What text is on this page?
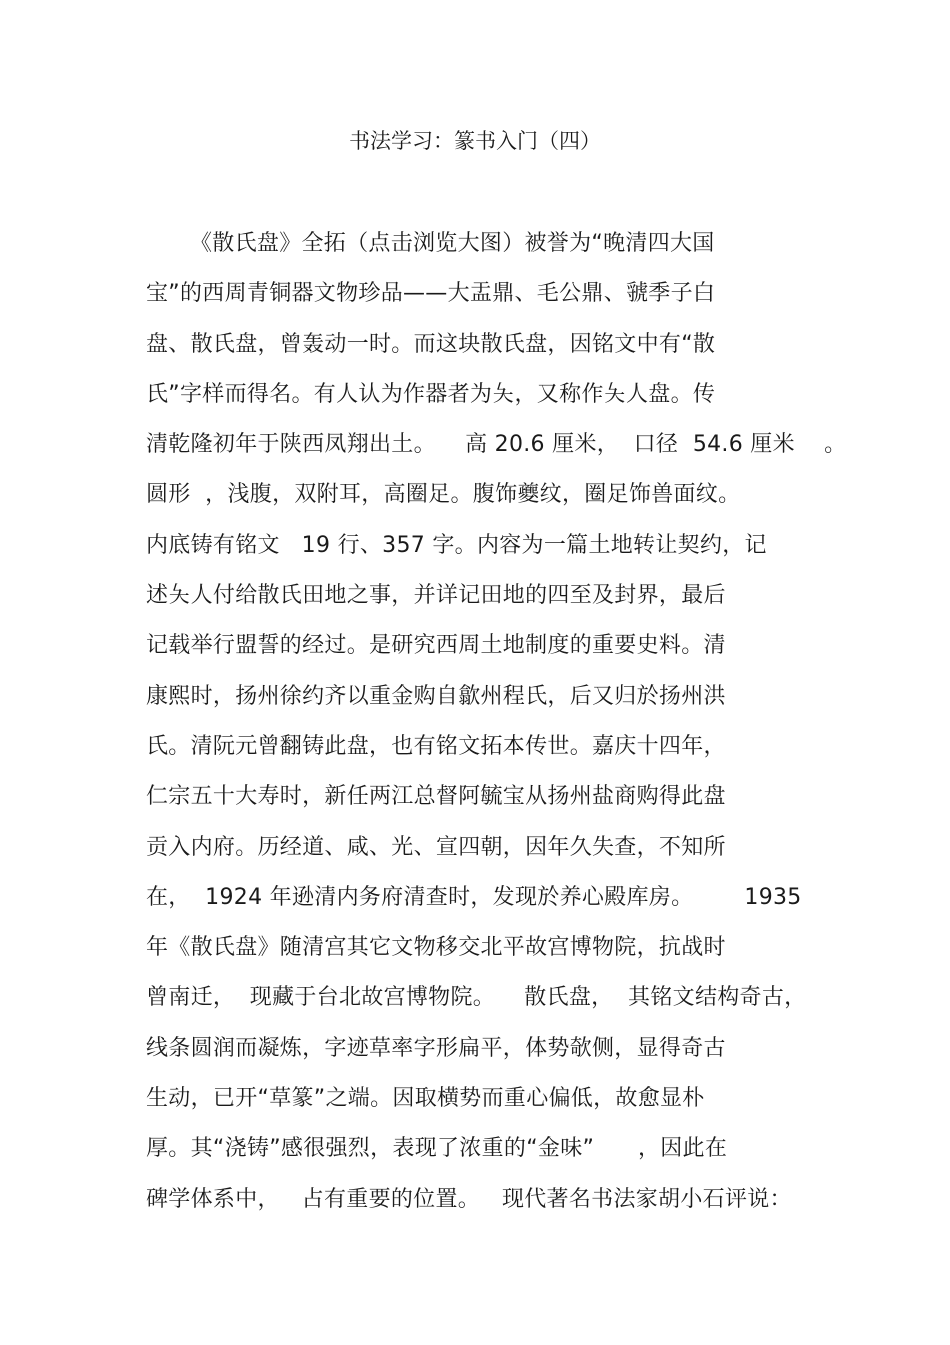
书法学习：篆书入门（四）
《散氏盘》全拓（点击浏览大图）被誉为“晚清四大国
宝”的西周青铜器文物珍品——大盂鼎、毛公鼎、虢季子白
盘、散氏盘，曾轰动一时。而这块散氏盘，因铭文中有“散
氏”字样而得名。有人认为作器者为夨，又称作夨人盘。传
清乾隆初年于陕西凤翔出土。    高 20.6 厘米，  口径  54.6 厘米    。
圆形  ，浅腹，双附耳，高圈足。腹饰夔纹，圈足饰兽面纹。
内底铸有铭文   19 行、357 字。内容为一篇土地转让契约，记
述夨人付给散氏田地之事，并详记田地的四至及封界，最后
记载举行盟誓的经过。是研究西周土地制度的重要史料。清
康熙时，扬州徐约齐以重金购自歙州程氏，后又归於扬州洪
氏。清阮元曾翻铸此盘，也有铭文拓本传世。嘉庆十四年，
仁宗五十大寿时，新任两江总督阿毓宝从扬州盐商购得此盘
贡入内府。历经道、咸、光、宣四朝，因年久失查，不知所
在，  1924 年逊清内务府清查时，发现於养心殿库房。       1935
年《散氏盘》随清宫其它文物移交北平故宫博物院，抗战时
曾南迁，  现藏于台北故宫博物院。    散氏盘，  其铭文结构奇古，
线条圆润而凝炼，字迹草率字形扁平，体势欹侧，显得奇古
生动，已开“草篆”之端。因取横势而重心偏低，故愈显朴
厚。其“浇铸”感很强烈，表现了浓重的“金味”      ，因此在
碑学体系中，   占有重要的位置。   现代著名书法家胡小石评说：
